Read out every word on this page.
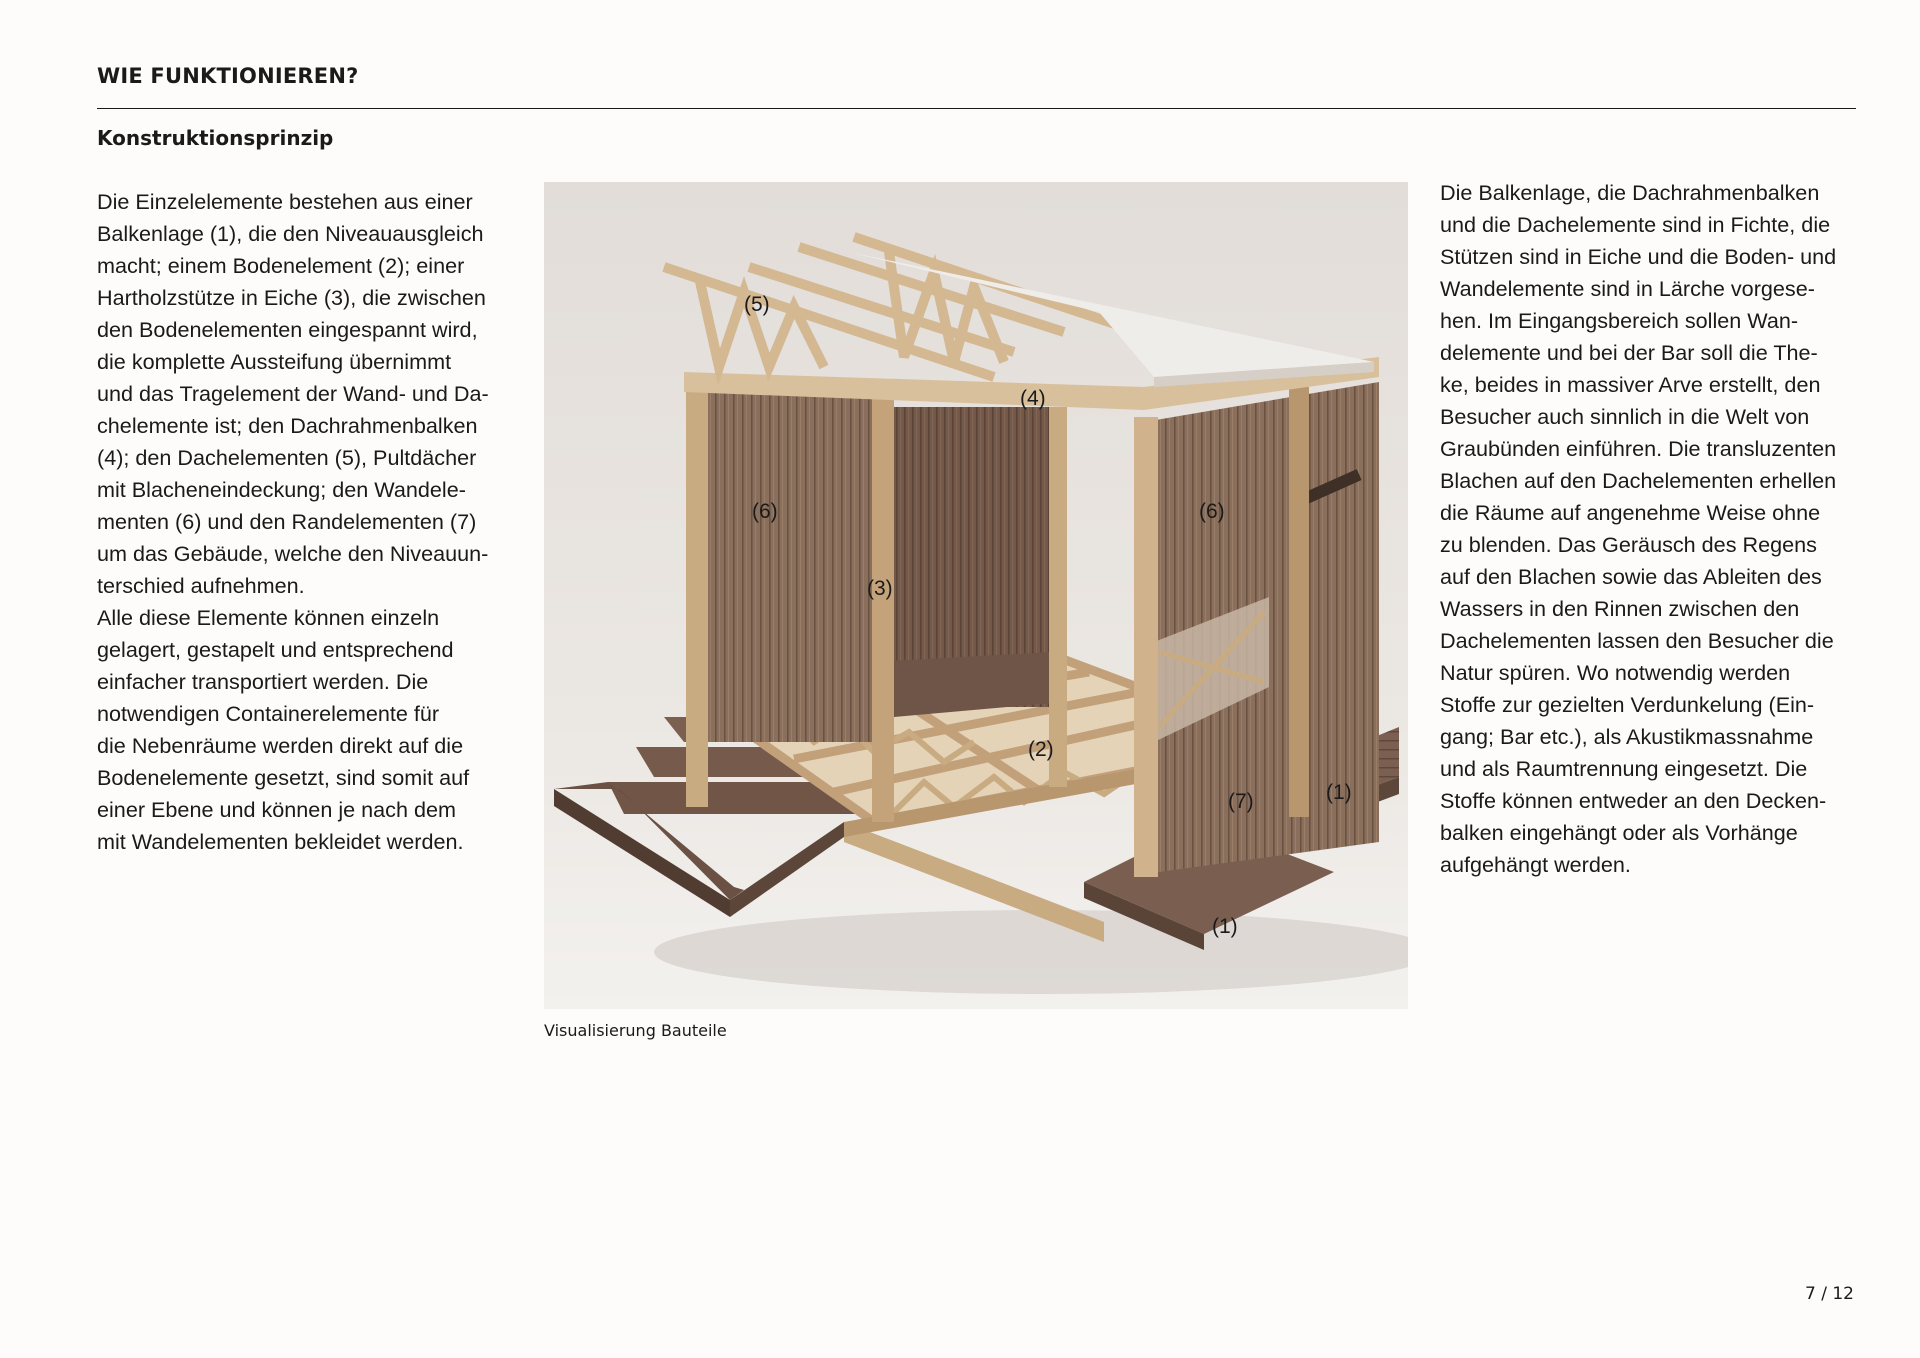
WIE FUNKTIONIEREN?
Konstruktionsprinzip

Die Einzelelemente bestehen aus einer

Balkenlage (1), die den Niveauausgleich

macht; einem Bodenelement (2); einer

Hartholzstütze in Eiche (3), die zwischen

den Bodenelementen eingespannt wird,

die komplette Aussteifung übernimmt

und das Tragelement der Wand- und Da-

chelemente ist; den Dachrahmenbalken

(4); den Dachelementen (5), Pultdächer

mit Blacheneindeckung; den Wandele-

menten (6) und den Randelementen (7)

um das Gebäude, welche den Niveauun-

terschied aufnehmen.

Alle diese Elemente können einzeln

gelagert, gestapelt und entsprechend

einfacher transportiert werden. Die

notwendigen Containerelemente für

die Nebenräume werden direkt auf die

Bodenelemente gesetzt, sind somit auf

einer Ebene und können je nach dem

mit Wandelementen bekleidet werden.

(5)
(4)
(6)	(6)
(3)
(2)
(7)	(1)
(1)
Visualisierung Bauteile

Die Balkenlage, die Dachrahmenbalken

und die Dachelemente sind in Fichte, die

Stützen sind in Eiche und die Boden- und

Wandelemente sind in Lärche vorgese-

hen. Im Eingangsbereich sollen Wan-

delemente und bei der Bar soll die The-

ke, beides in massiver Arve erstellt, den

Besucher auch sinnlich in die Welt von

Graubünden einführen. Die transluzenten

Blachen auf den Dachelementen erhellen

die Räume auf angenehme Weise ohne

zu blenden. Das Geräusch des Regens

auf den Blachen sowie das Ableiten des

Wassers in den Rinnen zwischen den

Dachelementen lassen den Besucher die

Natur spüren. Wo notwendig werden

Stoffe zur gezielten Verdunkelung (Ein-

gang; Bar etc.), als Akustikmassnahme

und als Raumtrennung eingesetzt. Die

Stoffe können entweder an den Decken-

balken eingehängt oder als Vorhänge

aufgehängt werden.

7 / 12
